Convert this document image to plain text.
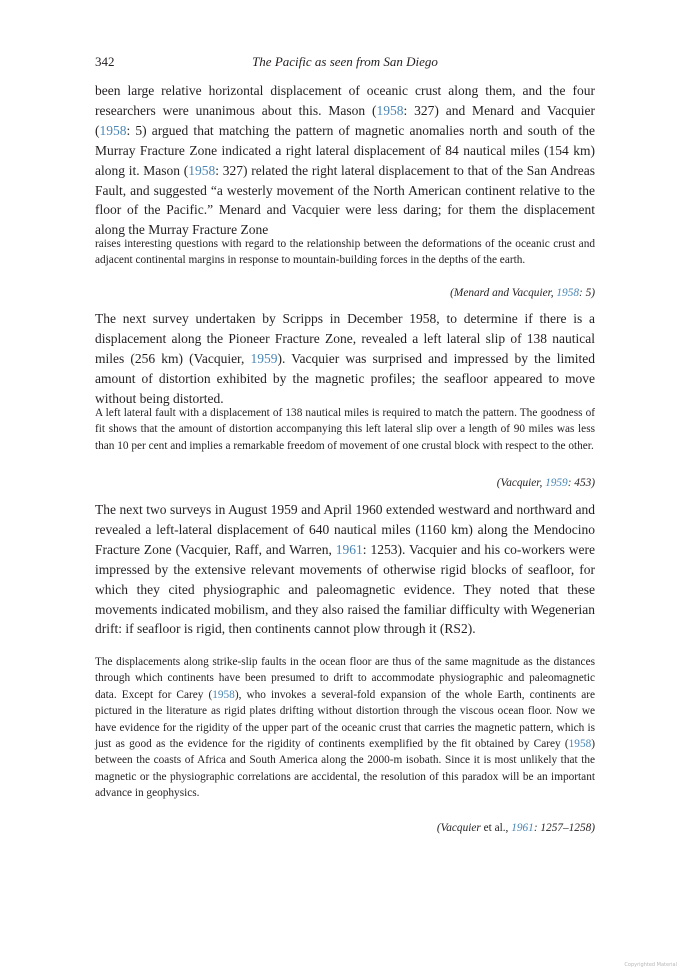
342	The Pacific as seen from San Diego

been large relative horizontal displacement of oceanic crust along them, and the four researchers were unanimous about this. Mason (1958: 327) and Menard and Vacquier (1958: 5) argued that matching the pattern of magnetic anomalies north and south of the Murray Fracture Zone indicated a right lateral displacement of 84 nautical miles (154 km) along it. Mason (1958: 327) related the right lateral displacement to that of the San Andreas Fault, and suggested “a westerly movement of the North American continent relative to the floor of the Pacific.” Menard and Vacquier were less daring; for them the displacement along the Murray Fracture Zone

raises interesting questions with regard to the relationship between the deformations of the oceanic crust and adjacent continental margins in response to mountain-building forces in the depths of the earth.

(Menard and Vacquier, 1958: 5)

The next survey undertaken by Scripps in December 1958, to determine if there is a displacement along the Pioneer Fracture Zone, revealed a left lateral slip of 138 nautical miles (256 km) (Vacquier, 1959). Vacquier was surprised and impressed by the limited amount of distortion exhibited by the magnetic profiles; the seafloor appeared to move without being distorted.

A left lateral fault with a displacement of 138 nautical miles is required to match the pattern. The goodness of fit shows that the amount of distortion accompanying this left lateral slip over a length of 90 miles was less than 10 per cent and implies a remarkable freedom of movement of one crustal block with respect to the other.

(Vacquier, 1959: 453)

The next two surveys in August 1959 and April 1960 extended westward and northward and revealed a left-lateral displacement of 640 nautical miles (1160 km) along the Mendocino Fracture Zone (Vacquier, Raff, and Warren, 1961: 1253). Vacquier and his co-workers were impressed by the extensive relevant movements of otherwise rigid blocks of seafloor, for which they cited physiographic and paleomagnetic evidence. They noted that these movements indicated mobilism, and they also raised the familiar difficulty with Wegenerian drift: if seafloor is rigid, then continents cannot plow through it (RS2).

The displacements along strike-slip faults in the ocean floor are thus of the same magnitude as the distances through which continents have been presumed to drift to accommodate physiographic and paleomagnetic data. Except for Carey (1958), who invokes a several-fold expansion of the whole Earth, continents are pictured in the literature as rigid plates drifting without distortion through the viscous ocean floor. Now we have evidence for the rigidity of the upper part of the oceanic crust that carries the magnetic pattern, which is just as good as the evidence for the rigidity of continents exemplified by the fit obtained by Carey (1958) between the coasts of Africa and South America along the 2000-m isobath. Since it is most unlikely that the magnetic or the physiographic correlations are accidental, the resolution of this paradox will be an important advance in geophysics.

(Vacquier et al., 1961: 1257–1258)

Copyrighted Material
